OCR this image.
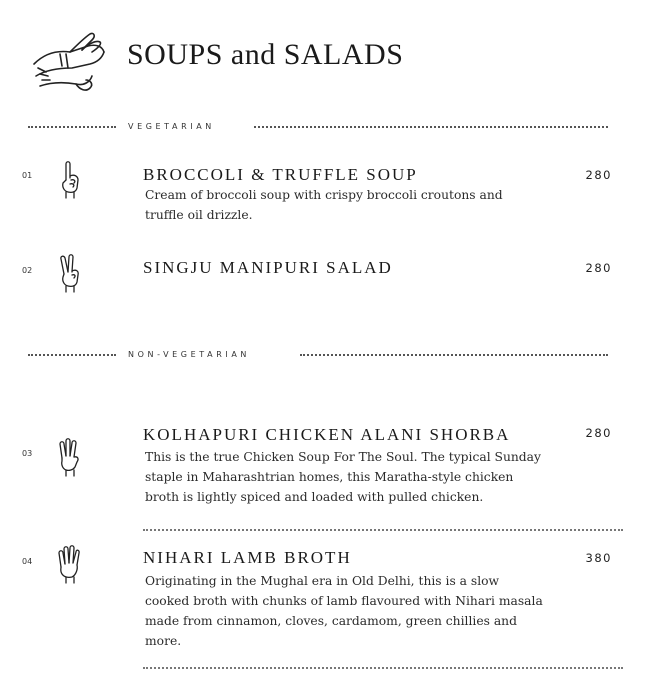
SOUPS and SALADS
VEGETARIAN
01	BROCCOLI & TRUFFLE SOUP
Cream of broccoli soup with crispy broccoli croutons and truffle oil drizzle.
280
02	SINGJU MANIPURI SALAD	280
NON-VEGETARIAN
03
KOLHAPURI CHICKEN ALANI SHORBA
This is the true Chicken Soup For The Soul. The typical Sunday staple in Maharashtrian homes, this Maratha-style chicken broth is lightly spiced and loaded with pulled chicken.
280
04	NIHARI LAMB BROTH
Originating in the Mughal era in Old Delhi, this is a slow cooked broth with chunks of lamb flavoured with Nihari masala made from cinnamon, cloves, cardamom, green chillies and more.
380
